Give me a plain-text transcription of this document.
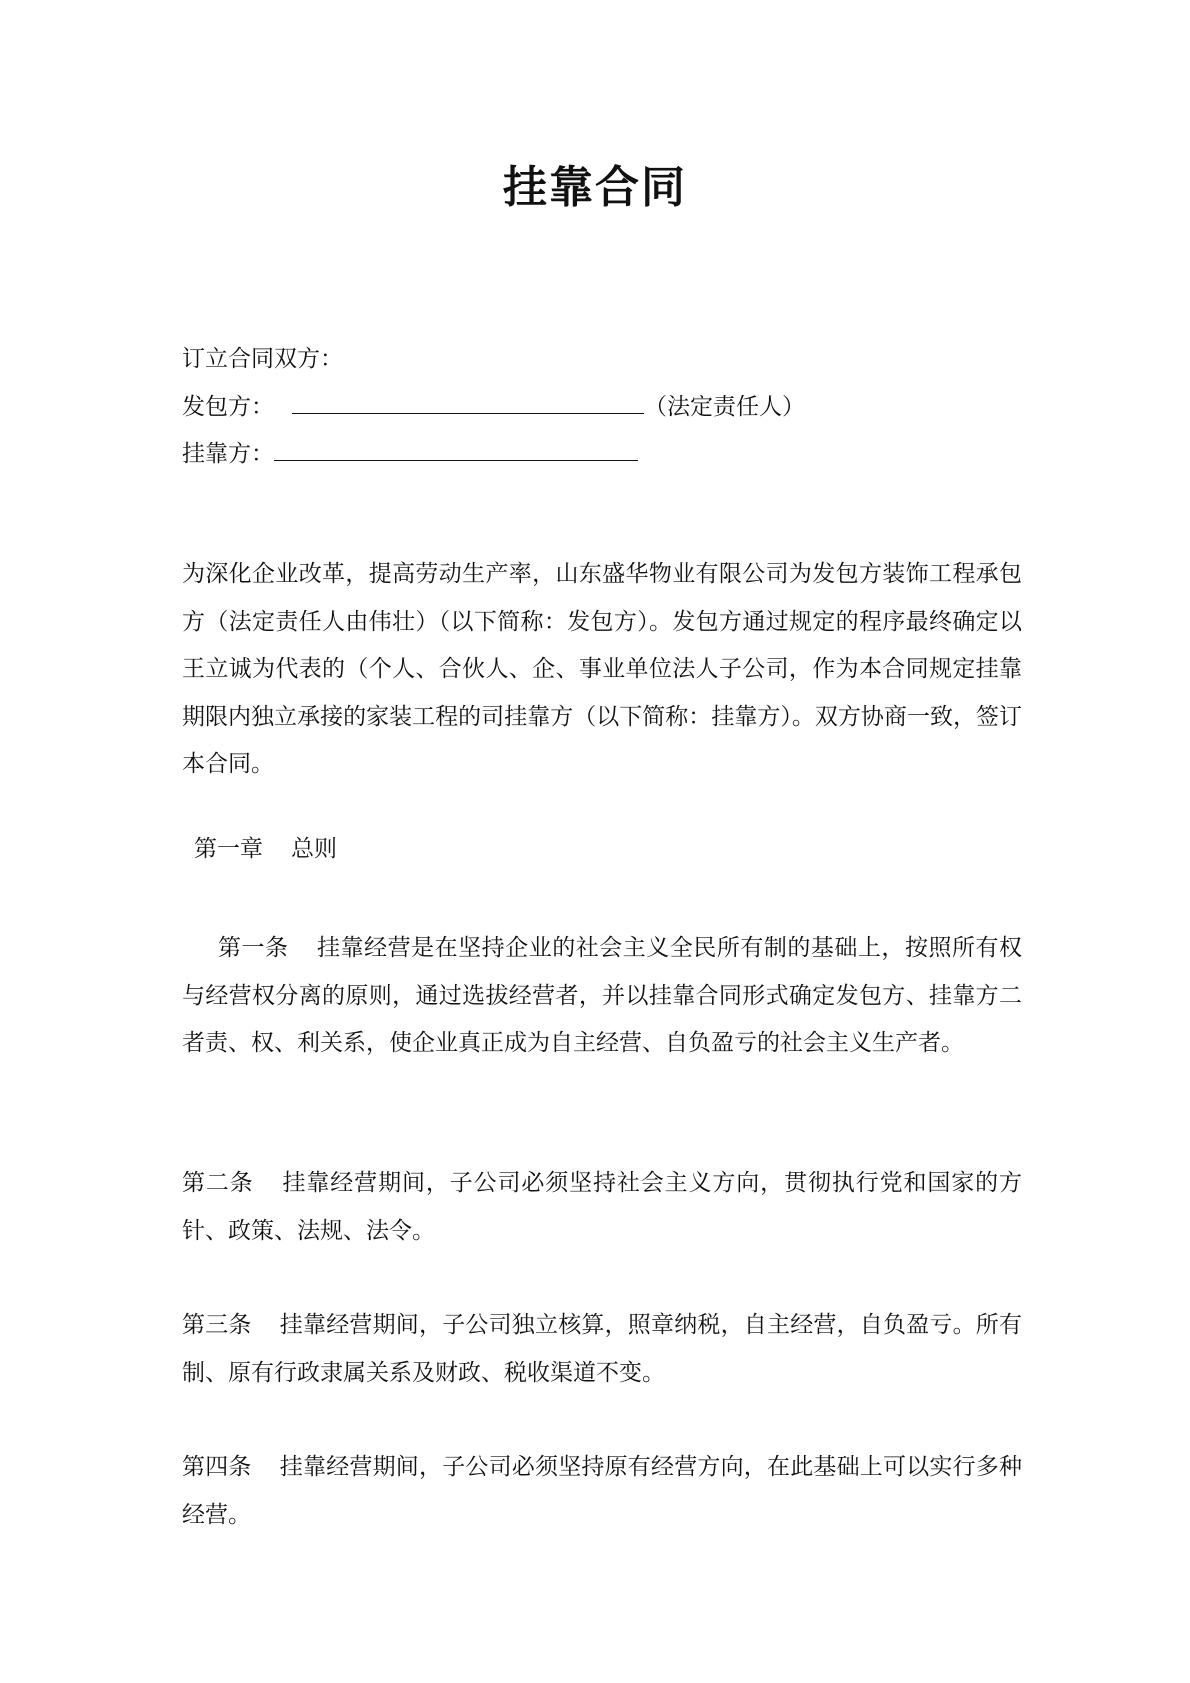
挂靠合同
订立合同双方：
发包方：	（法定责任人）
挂靠方：
为深化企业改革，提高劳动生产率，山东盛华物业有限公司为发包方装饰工程承包方（法定责任人由伟壮）（以下简称：发包方）。发包方通过规定的程序最终确定以王立诚为代表的（个人、合伙人、企、事业单位法人子公司，作为本合同规定挂靠期限内独立承接的家装工程的司挂靠方（以下简称：挂靠方）。双方协商一致，签订本合同。
第一章 总则
第一条 挂靠经营是在坚持企业的社会主义全民所有制的基础上，按照所有权与经营权分离的原则，通过选拔经营者，并以挂靠合同形式确定发包方、挂靠方二者责、权、利关系，使企业真正成为自主经营、自负盈亏的社会主义生产者。
第二条 挂靠经营期间，子公司必须坚持社会主义方向，贯彻执行党和国家的方针、政策、法规、法令。
第三条 挂靠经营期间，子公司独立核算，照章纳税，自主经营，自负盈亏。所有制、原有行政隶属关系及财政、税收渠道不变。
第四条 挂靠经营期间，子公司必须坚持原有经营方向，在此基础上可以实行多种经营。
